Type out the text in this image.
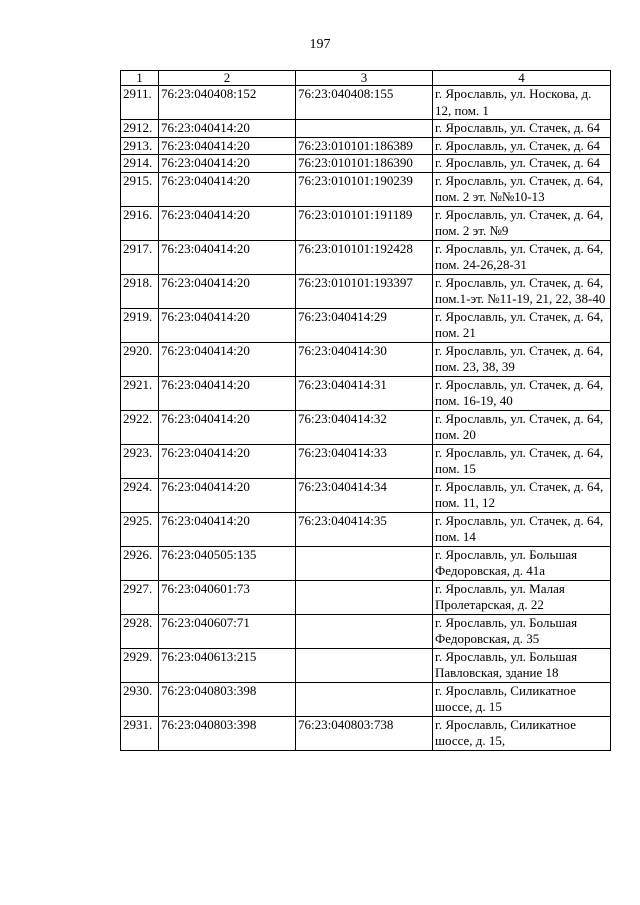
197
1	2	3	4
2911.	76:23:040408:152	76:23:040408:155	г. Ярославль, ул. Носкова, д. 12, пом. 1
2912.	76:23:040414:20		г. Ярославль, ул. Стачек, д. 64
2913.	76:23:040414:20	76:23:010101:186389	г. Ярославль, ул. Стачек, д. 64
2914.	76:23:040414:20	76:23:010101:186390	г. Ярославль, ул. Стачек, д. 64
2915.	76:23:040414:20	76:23:010101:190239	г. Ярославль, ул. Стачек, д. 64, пом. 2 эт. №№10-13
2916.	76:23:040414:20	76:23:010101:191189	г. Ярославль, ул. Стачек, д. 64, пом. 2 эт. №9
2917.	76:23:040414:20	76:23:010101:192428	г. Ярославль, ул. Стачек, д. 64, пом. 24-26,28-31
2918.	76:23:040414:20	76:23:010101:193397	г. Ярославль, ул. Стачек, д. 64, пом.1-эт. №11-19, 21, 22, 38-40
2919.	76:23:040414:20	76:23:040414:29	г. Ярославль, ул. Стачек, д. 64, пом. 21
2920.	76:23:040414:20	76:23:040414:30	г. Ярославль, ул. Стачек, д. 64, пом. 23, 38, 39
2921.	76:23:040414:20	76:23:040414:31	г. Ярославль, ул. Стачек, д. 64, пом. 16-19, 40
2922.	76:23:040414:20	76:23:040414:32	г. Ярославль, ул. Стачек, д. 64, пом. 20
2923.	76:23:040414:20	76:23:040414:33	г. Ярославль, ул. Стачек, д. 64, пом. 15
2924.	76:23:040414:20	76:23:040414:34	г. Ярославль, ул. Стачек, д. 64, пом. 11, 12
2925.	76:23:040414:20	76:23:040414:35	г. Ярославль, ул. Стачек, д. 64, пом. 14
2926.	76:23:040505:135		г. Ярославль, ул. Большая Федоровская, д. 41а
2927.	76:23:040601:73		г. Ярославль, ул. Малая Пролетарская, д. 22
2928.	76:23:040607:71		г. Ярославль, ул. Большая Федоровская, д. 35
2929.	76:23:040613:215		г. Ярославль, ул. Большая Павловская, здание 18
2930.	76:23:040803:398		г. Ярославль, Силикатное шоссе, д. 15
2931.	76:23:040803:398	76:23:040803:738	г. Ярославль, Силикатное шоссе, д. 15,
